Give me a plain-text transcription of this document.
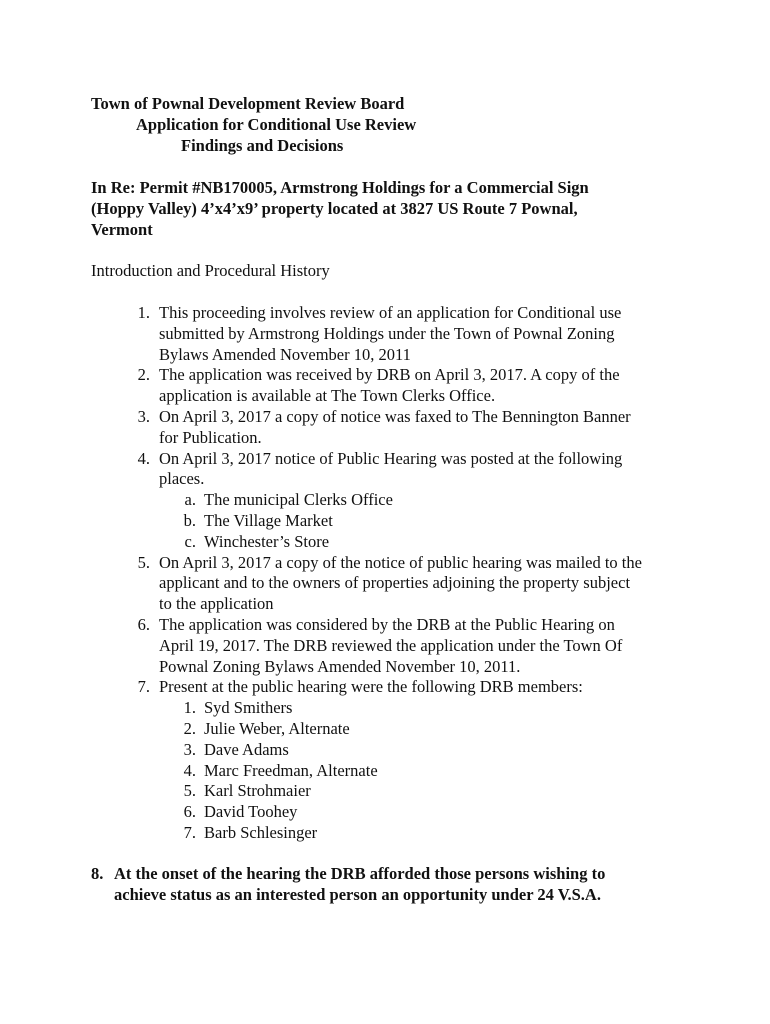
Town of Pownal Development Review Board
Application for Conditional Use Review
Findings and Decisions
In Re: Permit #NB170005, Armstrong Holdings for a Commercial Sign
(Hoppy Valley) 4’x4’x9’ property located at 3827 US Route 7 Pownal,
Vermont
Introduction and Procedural History
1. This proceeding involves review of an application for Conditional use
submitted by Armstrong Holdings under the Town of Pownal Zoning
Bylaws Amended November 10, 2011
2. The application was received by DRB on April 3, 2017. A copy of the
application is available at The Town Clerks Office.
3. On April 3, 2017 a copy of notice was faxed to The Bennington Banner
for Publication.
4. On April 3, 2017 notice of Public Hearing was posted at the following
places.
a. The municipal Clerks Office
b. The Village Market
c. Winchester’s Store
5. On April 3, 2017 a copy of the notice of public hearing was mailed to the
applicant and to the owners of properties adjoining the property subject
to the application
6. The application was considered by the DRB at the Public Hearing on
April 19, 2017. The DRB reviewed the application under the Town Of
Pownal Zoning Bylaws Amended November 10, 2011.
7. Present at the public hearing were the following DRB members:
1. Syd Smithers
2. Julie Weber, Alternate
3. Dave Adams
4. Marc Freedman, Alternate
5. Karl Strohmaier
6. David Toohey
7. Barb Schlesinger
8. At the onset of the hearing the DRB afforded those persons wishing to
achieve status as an interested person an opportunity under 24 V.S.A.
